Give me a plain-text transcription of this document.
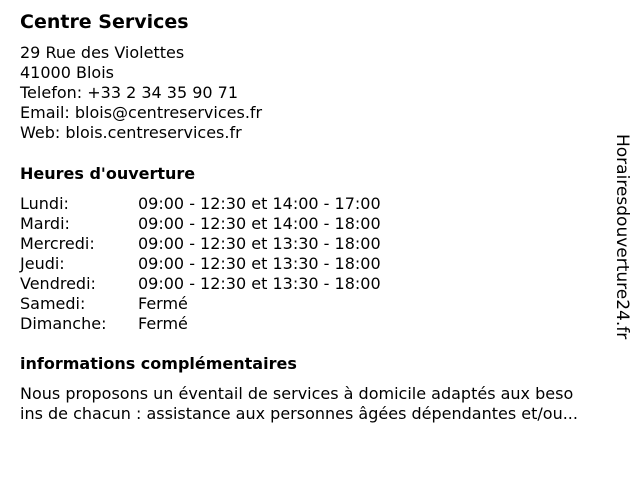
Centre Services
29 Rue des Violettes
41000 Blois
Telefon: +33 2 34 35 90 71
Email: blois@centreservices.fr
Web: blois.centreservices.fr
Heures d'ouverture
Lundi:	09:00 - 12:30 et 14:00 - 17:00
Mardi:	09:00 - 12:30 et 14:00 - 18:00
Mercredi:	09:00 - 12:30 et 13:30 - 18:00
Jeudi:	09:00 - 12:30 et 13:30 - 18:00
Vendredi:	09:00 - 12:30 et 13:30 - 18:00
Samedi:	Fermé
Dimanche:	Fermé
informations complémentaires
Nous proposons un éventail de services à domicile adaptés aux beso
ins de chacun : assistance aux personnes âgées dépendantes et/ou...
Horairesdouverture24.fr
